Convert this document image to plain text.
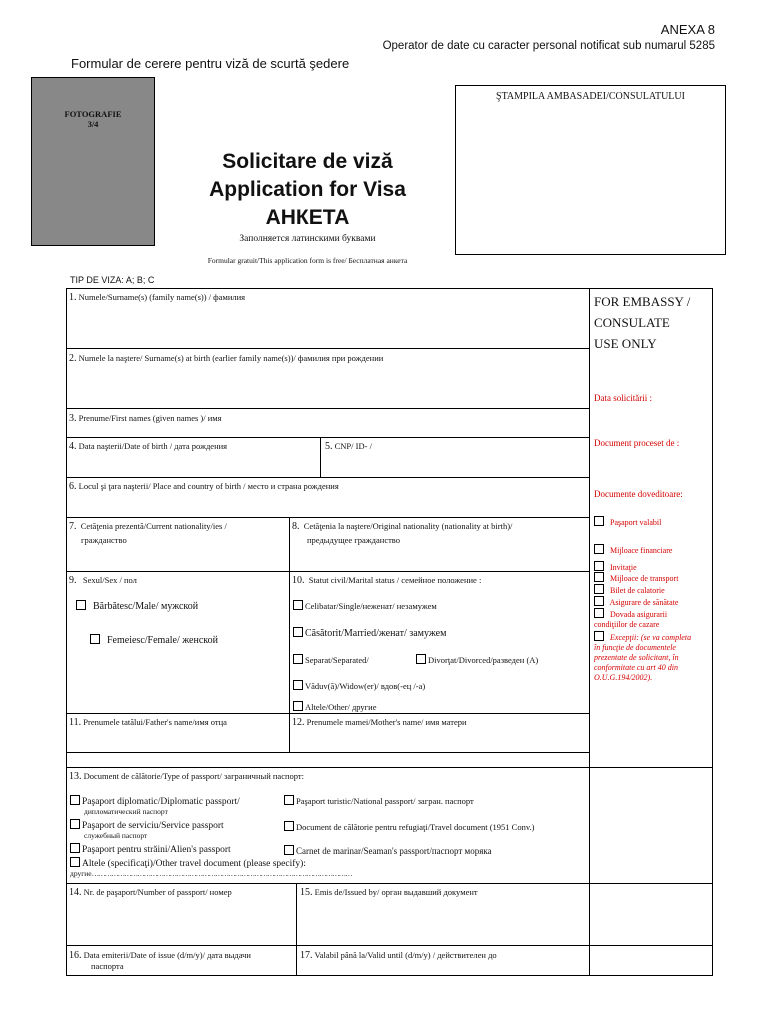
ANEXA 8
Operator de date cu caracter personal notificat sub numarul 5285
Formular de cerere pentru viză de scurtă şedere
FOTOGRAFIE
3/4
ŞTAMPILA AMBASADEI/CONSULATULUI
Solicitare de viză
Application for Visa
АНКЕТА
Заполняется латинскими буквами
Formular gratuit/This application form is free/ Бесплатная анкета
TIP DE VIZA: A; B; C
1. Numele/Surname(s) (family name(s)) / фамилия
2. Numele la naştere/ Surname(s) at birth (earlier family name(s))/ фамилия при рождении
3. Prenume/First names (given names )/ имя
4. Data naşterii/Date of birth / дата рождения	5. CNP/ ID- /
6. Locul şi ţara naşterii/ Place and country of birth / место и страна рождения
7. Cetăţenia prezentă/Current nationality/ies /
гражданство
8. Cetăţenia la naştere/Original nationality (nationality at birth)/
предыдущее гражданство
9. Sexul/Sex / пол
Bărbătesc/Male/ мужской
Femeiesc/Female/ женской
10. Statut civil/Marital status / семейное положение :
Celibatar/Single/неженат/ незамужем
Căsătorit/Married/женат/ замужем
Separat/Separated/	Divorţat/Divorced/разведен (А)
Văduv(ă)/Widow(er)/ вдов(-ец /-а)
Altele/Other/ другие
11. Prenumele tatălui/Father's name/имя отца	12. Prenumele mamei/Mother's name/ имя матери
13. Document de călătorie/Type of passport/ заграничный паспорт:
Paşaport diplomatic/Diplomatic passport/
дипломатический паспорт
Paşaport de serviciu/Service passport
служебный паспорт
Paşaport pentru străini/Alien's passport
Altele (specificaţi)/Other travel document (please specify):
другие…………………………………………………………………………………………………………
Paşaport turistic/National passport/ загран. паспорт
Document de călătorie pentru refugiaţi/Travel document (1951 Conv.)
Carnet de marinar/Seaman's passport/паспорт моряка
14. Nr. de paşaport/Number of passport/ номер	15. Emis de/Issued by/ орган выдавший документ
16. Data emiterii/Date of issue (d/m/y)/ дата выдачи
паспорта
17. Valabil până la/Valid until (d/m/y) / действителен до
FOR EMBASSY /
CONSULATE
USE ONLY
Data solicitării :
Document proceset de :
Documente doveditoare:
Paşaport valabil
Mijloace financiare
Invitaţie
Mijloace de transport
Bilet de calatorie
Asigurare de sănătate
Dovada asigurarii
condiţiilor de cazare
Excepţii: (se va completa
în funcţie de documentele
prezentate de solicitant, în
conformitate cu art 40 din
O.U.G.194/2002).
